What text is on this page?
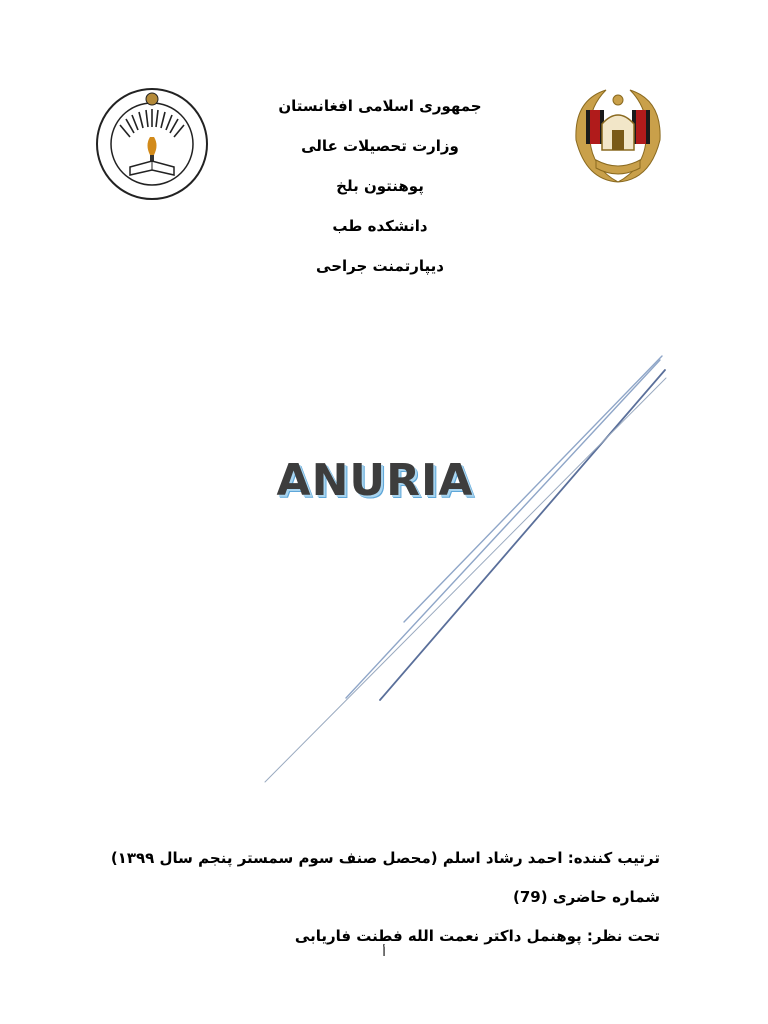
جمهوری اسلامی افغانستان
وزارت تحصیلات عالی
پوهنتون بلخ
دانشکده طب
دیپارتمنت جراحی
ANURIA
ترتیب کننده: احمد رشاد اسلم (محصل صنف سوم سمستر پنجم سال ۱۳۹۹)
شماره حاضری (79)
تحت نظر: پوهنمل داکتر نعمت الله فطنت فاریابی
أ
